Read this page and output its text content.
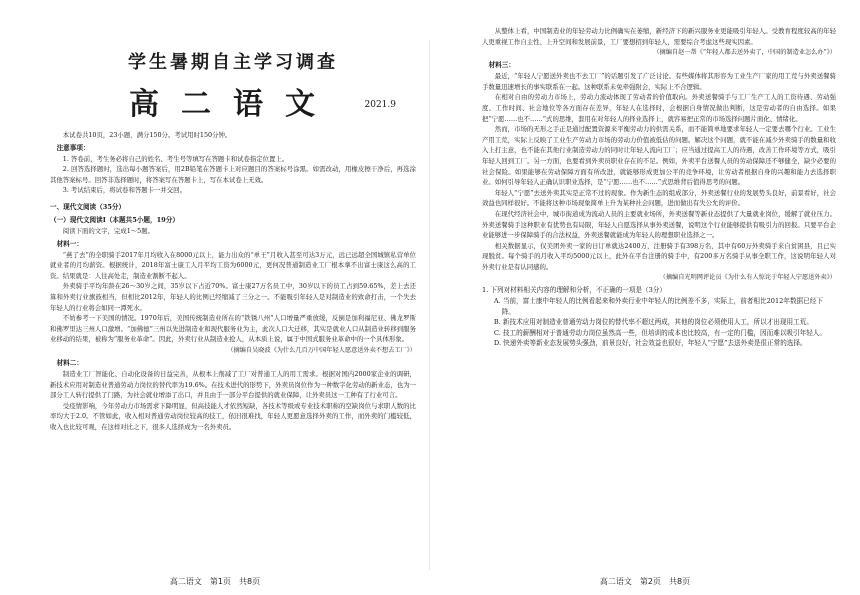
学生暑期自主学习调查
高二语文	2021.9

本试卷共10页，23小题，满分150分。考试用时150分钟。

注意事项：

1. 答卷前，考生务必将自己的姓名、考生号等填写在答题卡和试卷指定位置上。

2. 回答选择题时，选出每小题答案后，用2B铅笔在答题卡上对应题目的答案标号涂黑。如需改动，用橡皮擦干净后，再选涂其他答案标号。回答非选择题时，将答案写在答题卡上，写在本试卷上无效。

3. 考试结束后，将试卷和答题卡一并交回。

一、现代文阅读（35分）

（一）现代文阅读Ⅰ（本题共5小题，19分）

阅读下面的文字，完成1～5题。

材料一：

“燕了去”的全职骑手2017年月均收入在8000元以上，能力出众的“单王”月收入甚至可达3万元，远已远超全国城镇私营单位就业者的月均薪资。根据统计，2018年富士康工人月平均工资为6000元，更何况普通制造业工厂根本拿不出富士康这么高的工资。结果就是：人往高处走，制造业割断不起人。

外卖骑手平均年龄在26～30岁之间，35岁以下占近70%。富士康27万名员工中，30岁以下的员工占到59.65%，差上去还算和外卖行业旗鼓相当，但相比2012年，年轻人的比例已经缩减了三分之一。不能吸引年轻人是对制造业的致命打击，一个失去年轻人的行业将会如同一潭死水。

不妨参考一下美国的情况。1970年后，美国传统制造业所在的“铁锈八州”人口增量严重放缓，反倒是加利福尼亚、佛龙罗斯和佛罗里达三州人口激增。“加佛德”三州以先进制造业和现代服务业为主，此次人口大迁移，其实是就业人口从制造业转移到服务业移动的结果，被称为“服务业革命”。因此，外卖行业从制造业抢人，从本质上说，属于中国式服务业革命中的一个具体形象。

（摘编自吴晓波《为什么几百万中国年轻人愿意送外卖不想去工厂》）

材料二：

制造业工厂智能化、自动化设备的日益完善，从根本上削减了工厂对普通工人的用工需求。根据对国内2000家企业的调研，新技术应用对制造业普通劳动力岗位的替代率为19.6%。在技术进代的形势下，外卖员岗位作为一种数字化劳动的新业态，也为一部分工人转行提供了门路，为社会就业增添了出口，并且由于一部分平台提供的就业保障，让外卖员这一工种有了行业可言。

受疫情影响，今年劳动力市场需求下降明显，但高技能人才依然短缺，各技术等级或专业技术职称的空缺岗位与求职人数的比率均大于2.0。不管如此，收入相对普通劳动岗位较高的技工，依旧很难找，年轻人更愿意选择外卖的工作，而外卖的门槛较低，收入也比较可观，在这样对比之下，很多人选择成为一名外卖员。

高二语文　第1页　共8页

从整体上看，中国制造业的年轻劳动力比例确实在萎缩，新经济下的新兴服务业更能吸引年轻人。受教育程度较高的年轻人更重视工作自主性、上升空间和发展前景，工厂要想招到年轻人，需要综合考虑这些现实因素。

（摘编自赵一帮《“年轻人都去送外卖了，中国的制造业怎么办”》）

材料三：

最近，“年轻人宁愿送外卖也不去工厂”的话题引发了广泛讨论。有些媒体将其形容为工业生产厂家的用工荒与外卖送餐骑手数量迅速增长的事实联系在一起。这种联系未免牵强附会，实际上不合逻辑。

在相对自由的劳动力市场上，劳动力流动体现了劳动者的价值取向。外卖送餐骑手与工厂生产工人的工资待遇、劳动强度、工作时间、社会地位等各方面存在差异，年轻人在选择时，会根据自身情况做出判断，这是劳动者的自由选择。如果把“宁愿……也不……”式的思维，套用在对年轻人的择业选择上，就容易把正常的市场选择问题片面化、情绪化。

然而，市场的无形之手正是通过配置资源来平衡劳动力的供需关系，而不能简单地要求年轻人一定要去哪个行业。工业生产用工荒，实际上反映了工业生产劳动力市场的劳动力价值被低估的问题。解决这个问题，就不能在减少外卖骑手的数量和收入上打主意，也不能在其他行业制造劳动力的同时让年轻人流向工厂；应当通过提高工人的待遇，改善工作环境等方式，吸引年轻人回到工厂。另一方面，也要看到外卖员职业存在的不足。例如，外卖平台送餐人员的劳动保障还不够健全，缺少必要的社会保险。如果能够在劳动保障方面有所改进，就能够形成更加公平的竞争环境，让劳动者根据自身的兴趣和能力去选择职业。如何引导年轻人正确认识职业选择，是“宁愿……也不……”式思维背后值得思考的问题。

年轻人“宁愿”去送外卖其实是正常不过的现象。作为新生态的组成部分，外卖送餐行业的发展势头良好，前景看好，社会效益也同样很好。不能将这种市场现象简单上升为某种社会问题，进而做出有失公允的评价。

在现代经济社会中，城市街道成为流动人员的主要就业场所，外卖送餐等新业态提供了大量就业岗位，缓解了就业压力。外卖送餐骑手这种职业有优势也有局限，年轻人自愿选择从事外卖送餐，说明这个行业能够提供有吸引力的回报。只要平台企业能够进一步保障骑手的合法权益，外卖送餐就能成为年轻人的理想职业选择之一。

相关数据显示，仅美团外卖一家的日订单就达2400万，注册骑手有398万名，其中有60万外卖骑手来自贫困县，且已实现脱贫。每个骑手的月收入平均5000元以上，此外在平台注册的骑手中，有200多万名骑手从事全职工作，这说明年轻人对外卖行业是有认同感的。

（摘编自光明网评论员《为什么有人惊诧于年轻人宁愿送外卖》）

1. 下列对材料相关内容的理解和分析，不正确的一项是（3分）

A. 当前，富士康中年轻人的比例看起来和外卖行业中年轻人的比例差不多，实际上，前者相比2012年数据已经下降。

B. 新技术应用对制造业普通劳动力岗位的替代率不超过两成，其他的岗位必须使用人工，所以才出现用工荒。

C. 技工的薪酬相对于普通劳动力岗位虽然高一些，但培训的成本也比较高，有一定的门槛，因而难以吸引年轻人。

D. 快递外卖等新业态发展势头强劲，前景良好，社会效益也很好，年轻人“宁愿”去送外卖是很正常的选择。

高二语文　第2页　共8页
